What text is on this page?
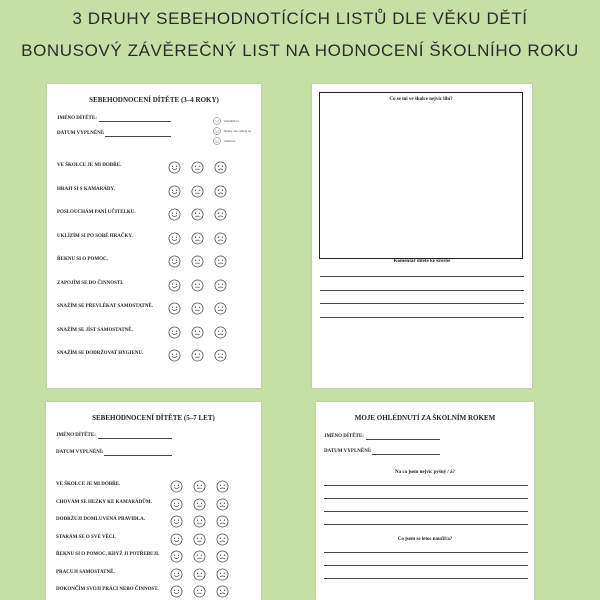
3 DRUHY SEBEHODNOTÍCÍCH LISTŮ DLE VĚKU DĚTÍ
BONUSOVÝ ZÁVĚREČNÝ LIST NA HODNOCENÍ ŠKOLNÍHO ROKU
SEBEHODNOCENÍ DÍTĚTE (3–4 ROKY)
JMÉNO DÍTĚTE:
DATUM VYPLNĚNÍ:
Zvládám to
Někdy ano, někdy ne
Zatím ne
VE ŠKOLCE JE MI DOBŘE.
HRAJI SI S KAMARÁDY.
POSLOUCHÁM PANÍ UČITELKU.
UKLÍZÍM SI PO SOBĚ HRAČKY.
ŘEKNU SI O POMOC.
ZAPOJÍM SE DO ČINNOSTI.
SNAŽÍM SE PŘEVLÉKAT SAMOSTATNĚ.
SNAŽÍM SE JÍST SAMOSTATNĚ.
SNAŽÍM SE DODRŽOVAT HYGIENU.
Co se mi ve školce nejvíc líbí?
Komentář dítěte ke kresbě
SEBEHODNOCENÍ DÍTĚTE (5–7 LET)
JMÉNO DÍTĚTE:
DATUM VYPLNĚNÍ:
VE ŠKOLCE JE MI DOBŘE.
CHOVÁM SE HEZKY KE KAMARÁDŮM.
DODRŽUJI DOMLUVENÁ PRAVIDLA.
STARÁM SE O SVÉ VĚCI.
ŘEKNU SI O POMOC, KDYŽ JI POTŘEBUJI.
PRACUJI SAMOSTATNĚ.
DOKONČÍM SVOJI PRÁCI NEBO ČINNOST.
MOJE OHLÉDNUTÍ ZA ŠKOLNÍM ROKEM
JMÉNO DÍTĚTE:
DATUM VYPLNĚNÍ:
Na co jsem nejvíc pyšný / á?
Co jsem se letos naučil/a?
